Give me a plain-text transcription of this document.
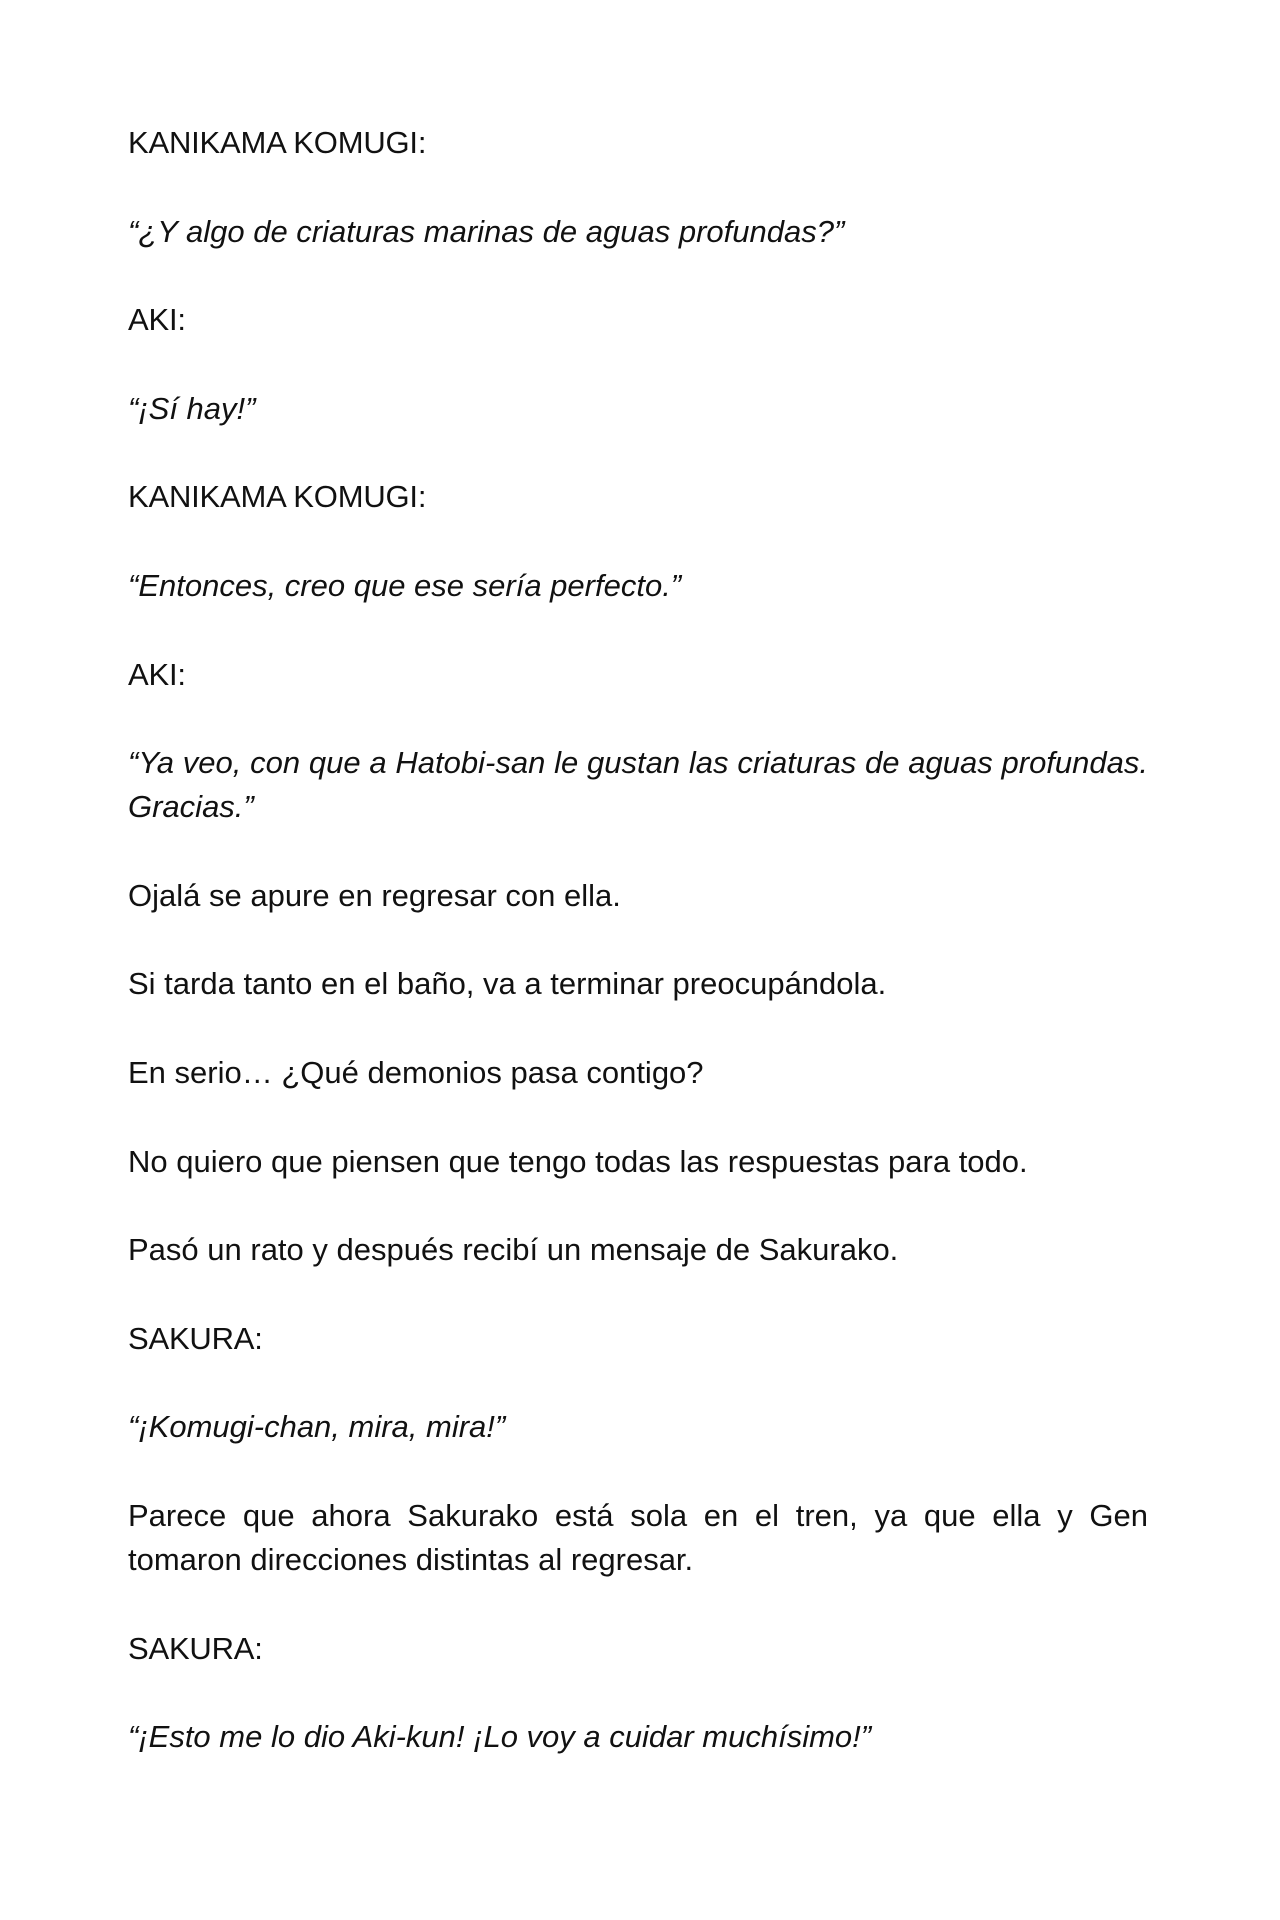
KANIKAMA KOMUGI:

“¿Y algo de criaturas marinas de aguas profundas?”

AKI:

“¡Sí hay!”

KANIKAMA KOMUGI:

“Entonces, creo que ese sería perfecto.”

AKI:

“Ya veo, con que a Hatobi-san le gustan las criaturas de aguas profundas. Gracias.”

Ojalá se apure en regresar con ella.

Si tarda tanto en el baño, va a terminar preocupándola.

En serio… ¿Qué demonios pasa contigo?

No quiero que piensen que tengo todas las respuestas para todo.

Pasó un rato y después recibí un mensaje de Sakurako.

SAKURA:

“¡Komugi-chan, mira, mira!”

Parece que ahora Sakurako está sola en el tren, ya que ella y Gen tomaron direcciones distintas al regresar.

SAKURA:

“¡Esto me lo dio Aki-kun! ¡Lo voy a cuidar muchísimo!”
